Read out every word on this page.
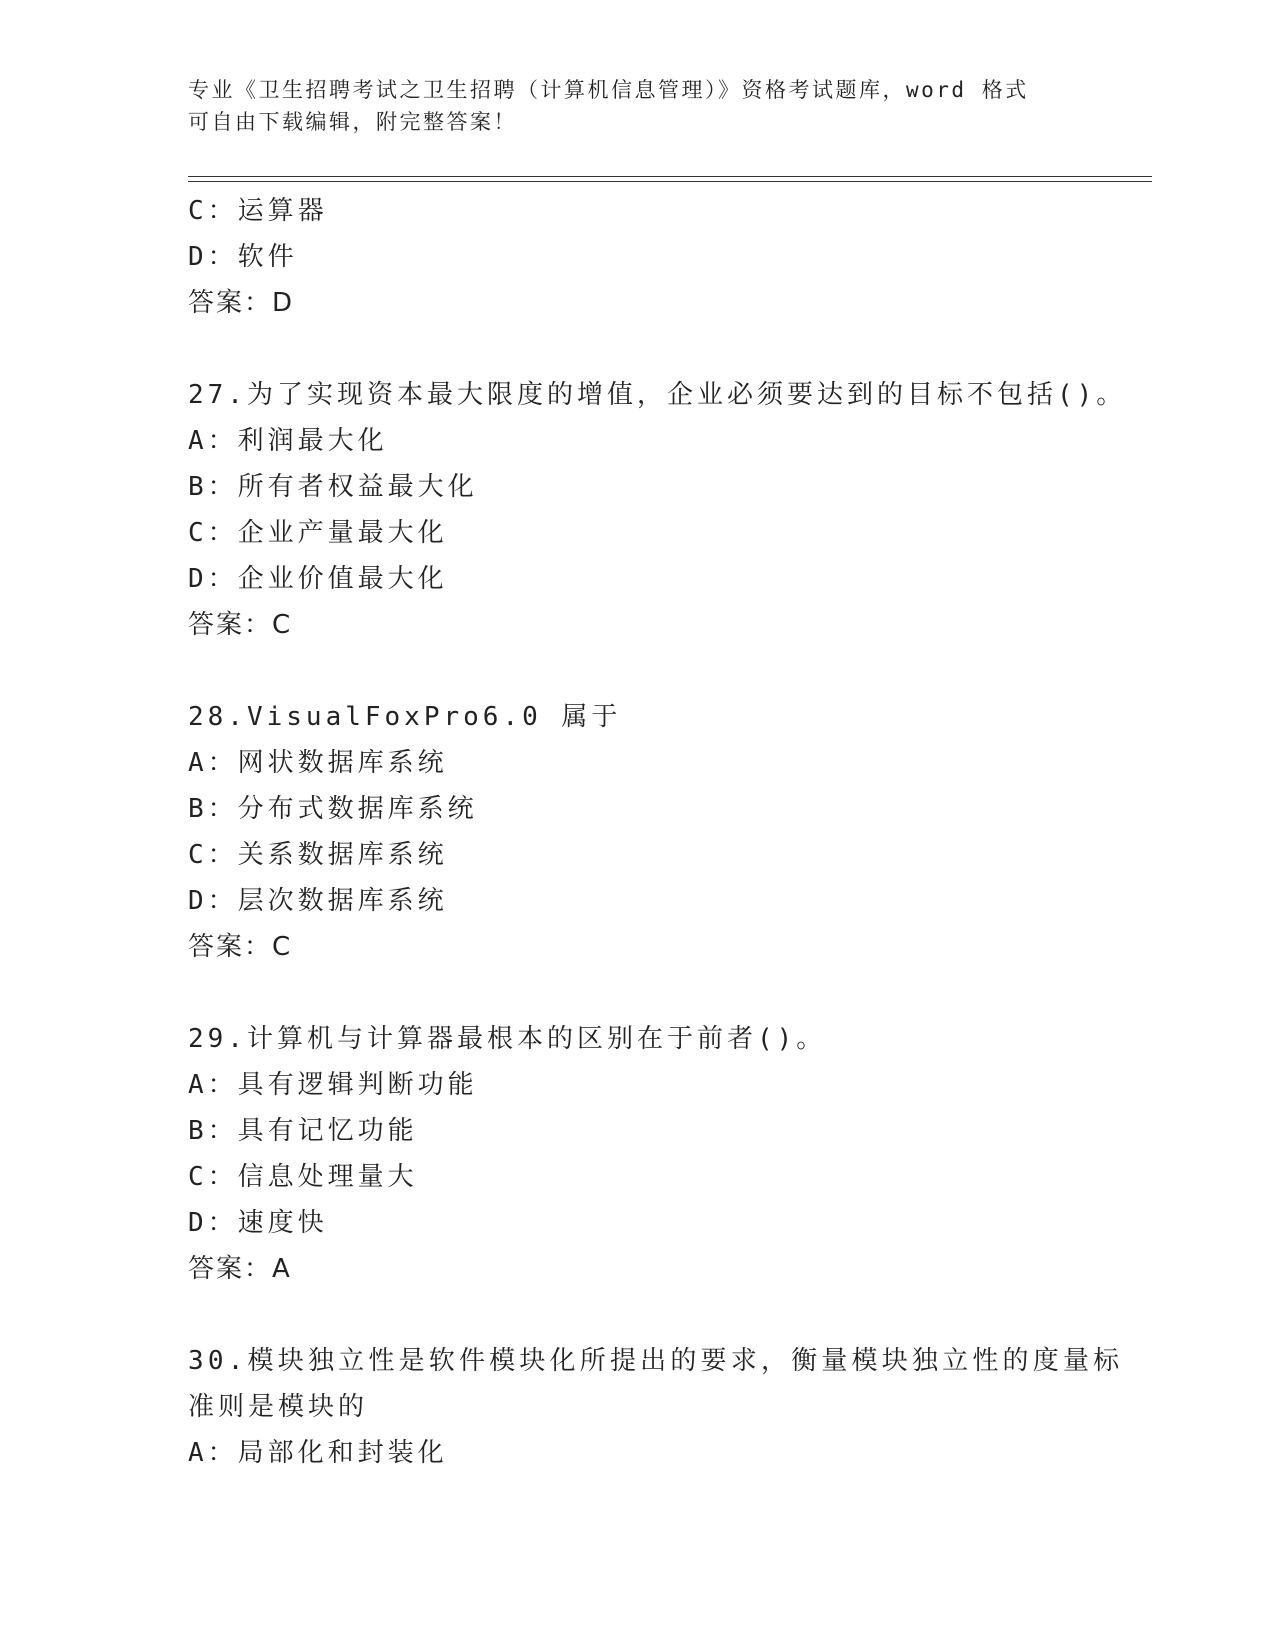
专业《卫生招聘考试之卫生招聘（计算机信息管理）》资格考试题库，word 格式
可自由下载编辑，附完整答案！
C：运算器
D：软件
答案：D
27.为了实现资本最大限度的增值，企业必须要达到的目标不包括()。
A：利润最大化
B：所有者权益最大化
C：企业产量最大化
D：企业价值最大化
答案：C
28.VisualFoxPro6.0 属于
A：网状数据库系统
B：分布式数据库系统
C：关系数据库系统
D：层次数据库系统
答案：C
29.计算机与计算器最根本的区别在于前者()。
A：具有逻辑判断功能
B：具有记忆功能
C：信息处理量大
D：速度快
答案：A
30.模块独立性是软件模块化所提出的要求，衡量模块独立性的度量标
准则是模块的
A：局部化和封装化
